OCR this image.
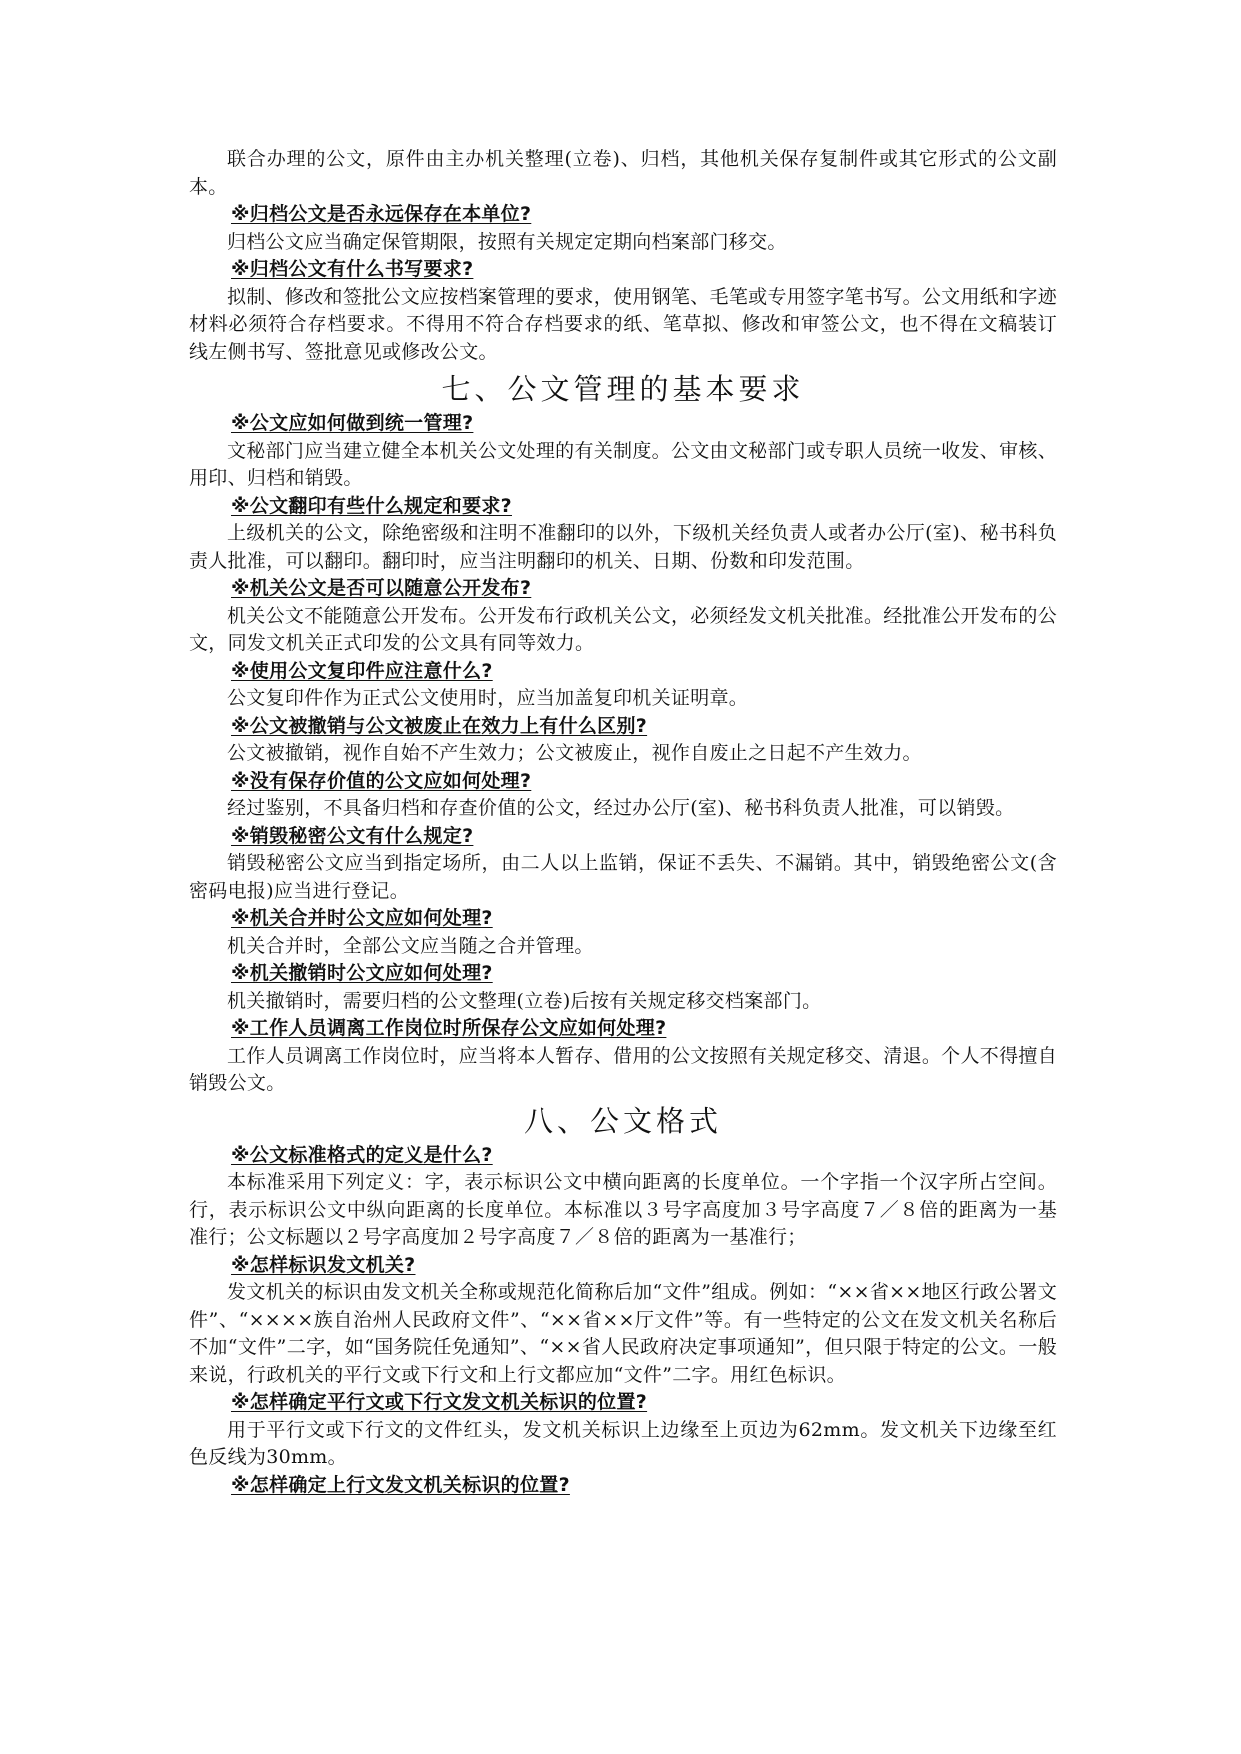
联合办理的公文，原件由主办机关整理(立卷)、归档，其他机关保存复制件或其它形式的公文副本。

※归档公文是否永远保存在本单位?

归档公文应当确定保管期限，按照有关规定定期向档案部门移交。

※归档公文有什么书写要求?

拟制、修改和签批公文应按档案管理的要求，使用钢笔、毛笔或专用签字笔书写。公文用纸和字迹材料必须符合存档要求。不得用不符合存档要求的纸、笔草拟、修改和审签公文，也不得在文稿装订线左侧书写、签批意见或修改公文。

七、公文管理的基本要求

※公文应如何做到统一管理?

文秘部门应当建立健全本机关公文处理的有关制度。公文由文秘部门或专职人员统一收发、审核、用印、归档和销毁。

※公文翻印有些什么规定和要求?

上级机关的公文，除绝密级和注明不准翻印的以外，下级机关经负责人或者办公厅(室)、秘书科负责人批准，可以翻印。翻印时，应当注明翻印的机关、日期、份数和印发范围。

※机关公文是否可以随意公开发布?

机关公文不能随意公开发布。公开发布行政机关公文，必须经发文机关批准。经批准公开发布的公文，同发文机关正式印发的公文具有同等效力。

※使用公文复印件应注意什么?

公文复印件作为正式公文使用时，应当加盖复印机关证明章。

※公文被撤销与公文被废止在效力上有什么区别?

公文被撤销，视作自始不产生效力；公文被废止，视作自废止之日起不产生效力。

※没有保存价值的公文应如何处理?

经过鉴别，不具备归档和存查价值的公文，经过办公厅(室)、秘书科负责人批准，可以销毁。

※销毁秘密公文有什么规定?

销毁秘密公文应当到指定场所，由二人以上监销，保证不丢失、不漏销。其中，销毁绝密公文(含密码电报)应当进行登记。

※机关合并时公文应如何处理?

机关合并时，全部公文应当随之合并管理。

※机关撤销时公文应如何处理?

机关撤销时，需要归档的公文整理(立卷)后按有关规定移交档案部门。

※工作人员调离工作岗位时所保存公文应如何处理?

工作人员调离工作岗位时，应当将本人暂存、借用的公文按照有关规定移交、清退。个人不得擅自销毁公文。

八、公文格式

※公文标准格式的定义是什么?

本标准采用下列定义：字，表示标识公文中横向距离的长度单位。一个字指一个汉字所占空间。行，表示标识公文中纵向距离的长度单位。本标准以３号字高度加３号字高度７／８倍的距离为一基准行；公文标题以２号字高度加２号字高度７／８倍的距离为一基准行；

※怎样标识发文机关?

发文机关的标识由发文机关全称或规范化简称后加“文件”组成。例如：“××省××地区行政公署文件”、“××××族自治州人民政府文件”、“××省××厅文件”等。有一些特定的公文在发文机关名称后不加“文件”二字，如“国务院任免通知”、“××省人民政府决定事项通知”，但只限于特定的公文。一般来说，行政机关的平行文或下行文和上行文都应加“文件”二字。用红色标识。

※怎样确定平行文或下行文发文机关标识的位置?

用于平行文或下行文的文件红头，发文机关标识上边缘至上页边为62mm。发文机关下边缘至红色反线为30mm。

※怎样确定上行文发文机关标识的位置?
